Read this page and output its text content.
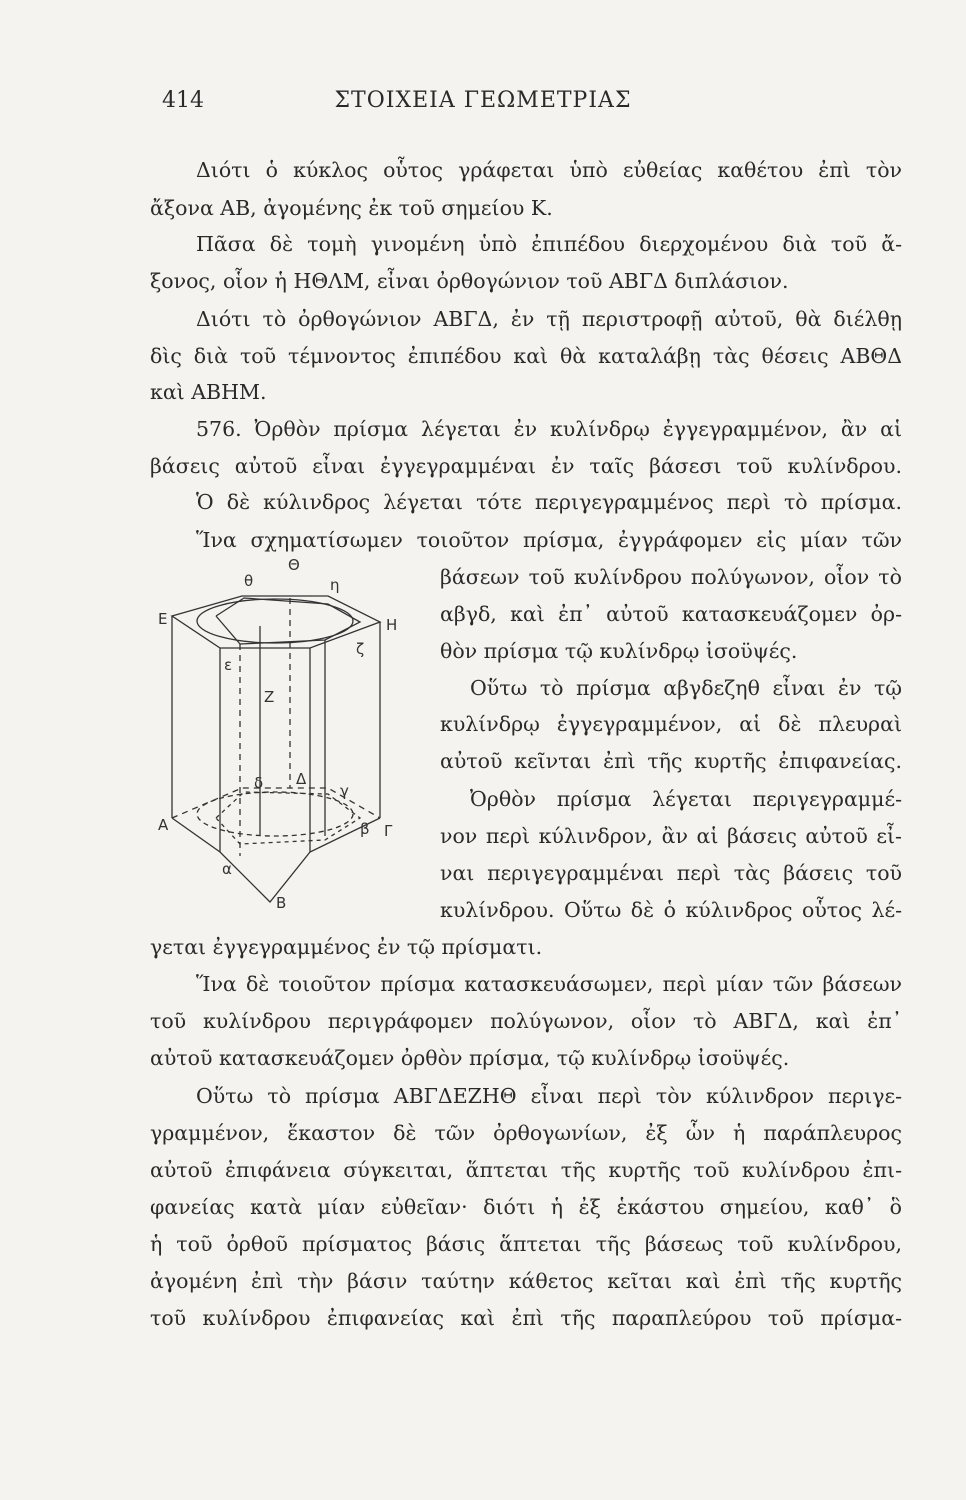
414	ΣΤΟΙΧΕΙΑ ΓΕΩΜΕΤΡΙΑΣ
Διότι ὁ κύκλος οὗτος γράφεται ὑπὸ εὐθείας καθέτου ἐπὶ τὸν
ἄξονα ΑΒ, ἀγομένης ἐκ τοῦ σημείου Κ.
Πᾶσα δὲ τομὴ γινομένη ὑπὸ ἐπιπέδου διερχομένου διὰ τοῦ ἄ-
ξονος, οἷον ἡ ΗΘΛΜ, εἶναι ὀρθογώνιον τοῦ ΑΒΓΔ διπλάσιον.
Διότι τὸ ὀρθογώνιον ΑΒΓΔ, ἐν τῇ περιστροφῇ αὐτοῦ, θὰ διέλθῃ
δὶς διὰ τοῦ τέμνοντος ἐπιπέδου καὶ θὰ καταλάβῃ τὰς θέσεις ΑΒΘΔ
καὶ ΑΒΗΜ.
576. Ὀρθὸν πρίσμα λέγεται ἐν κυλίνδρῳ ἐγγεγραμμένον, ἂν αἱ
βάσεις αὐτοῦ εἶναι ἐγγεγραμμέναι ἐν ταῖς βάσεσι τοῦ κυλίνδρου.
Ὁ δὲ κύλινδρος λέγεται τότε περιγεγραμμένος περὶ τὸ πρίσμα.
Ἵνα σχηματίσωμεν τοιοῦτον πρίσμα, ἐγγράφομεν εἰς μίαν τῶν
Θ
θ	η
Ε	Η
ε
ζ
Ζ
δ Δ
γ
Α
α
β Γ
Β
βάσεων τοῦ κυλίνδρου πολύγωνον, οἷον τὸ
αβγδ, καὶ ἐπ᾽ αὐτοῦ κατασκευάζομεν ὀρ-
θὸν πρίσμα τῷ κυλίνδρῳ ἰσοϋψές.
Οὕτω τὸ πρίσμα αβγδεζηθ εἶναι ἐν τῷ
κυλίνδρῳ ἐγγεγραμμένον, αἱ δὲ πλευραὶ
αὐτοῦ κεῖνται ἐπὶ τῆς κυρτῆς ἐπιφανείας.
Ὀρθὸν πρίσμα λέγεται περιγεγραμμέ-
νον περὶ κύλινδρον, ἂν αἱ βάσεις αὐτοῦ εἶ-
ναι περιγεγραμμέναι περὶ τὰς βάσεις τοῦ
κυλίνδρου. Οὕτω δὲ ὁ κύλινδρος οὗτος λέ-
γεται ἐγγεγραμμένος ἐν τῷ πρίσματι.
Ἵνα δὲ τοιοῦτον πρίσμα κατασκευάσωμεν, περὶ μίαν τῶν βάσεων
τοῦ κυλίνδρου περιγράφομεν πολύγωνον, οἷον τὸ ΑΒΓΔ, καὶ ἐπ᾽
αὐτοῦ κατασκευάζομεν ὀρθὸν πρίσμα, τῷ κυλίνδρῳ ἰσοϋψές.
Οὕτω τὸ πρίσμα ΑΒΓΔΕΖΗΘ εἶναι περὶ τὸν κύλινδρον περιγε-
γραμμένον, ἕκαστον δὲ τῶν ὀρθογωνίων, ἐξ ὧν ἡ παράπλευρος
αὐτοῦ ἐπιφάνεια σύγκειται, ἅπτεται τῆς κυρτῆς τοῦ κυλίνδρου ἐπι-
φανείας κατὰ μίαν εὐθεῖαν· διότι ἡ ἐξ ἑκάστου σημείου, καθ᾽ ὃ
ἡ τοῦ ὀρθοῦ πρίσματος βάσις ἅπτεται τῆς βάσεως τοῦ κυλίνδρου,
ἀγομένη ἐπὶ τὴν βάσιν ταύτην κάθετος κεῖται καὶ ἐπὶ τῆς κυρτῆς
τοῦ κυλίνδρου ἐπιφανείας καὶ ἐπὶ τῆς παραπλεύρου τοῦ πρίσμα-
